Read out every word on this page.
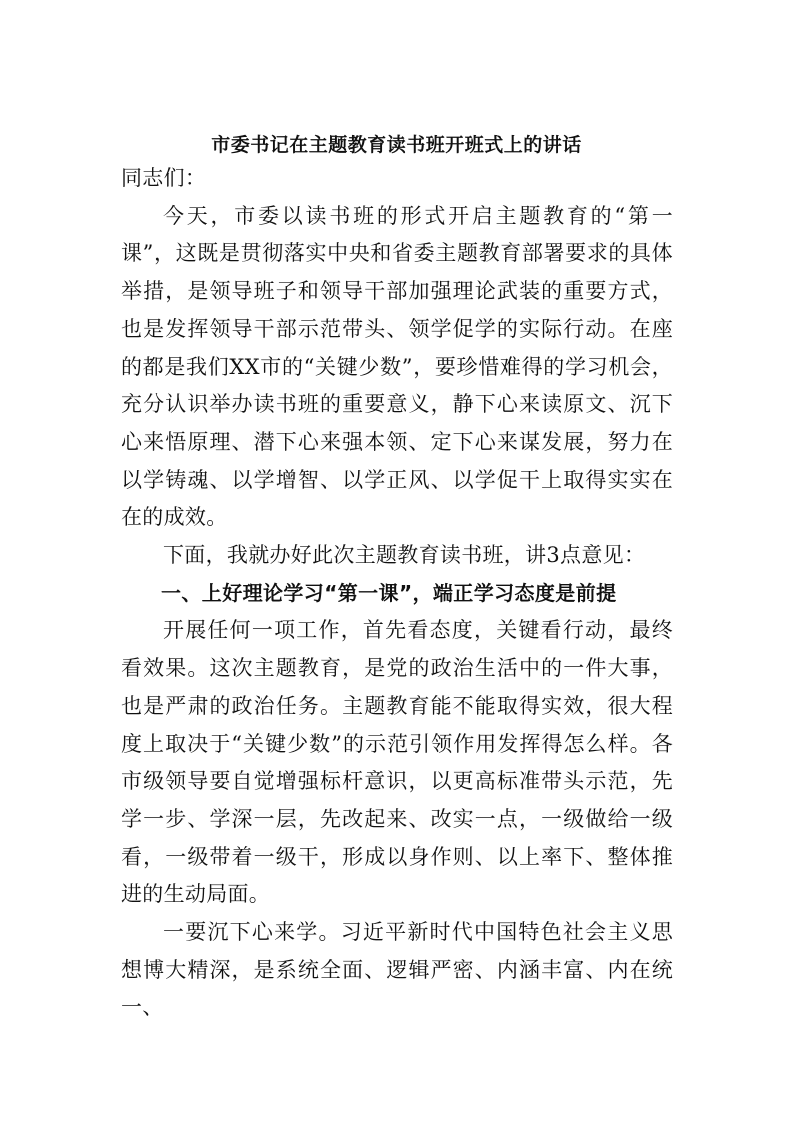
市委书记在主题教育读书班开班式上的讲话

同志们：

今天，市委以读书班的形式开启主题教育的“第一课”，这既是贯彻落实中央和省委主题教育部署要求的具体举措，是领导班子和领导干部加强理论武装的重要方式，也是发挥领导干部示范带头、领学促学的实际行动。在座的都是我们XX市的“关键少数”，要珍惜难得的学习机会，充分认识举办读书班的重要意义，静下心来读原文、沉下心来悟原理、潜下心来强本领、定下心来谋发展，努力在以学铸魂、以学增智、以学正风、以学促干上取得实实在在的成效。

下面，我就办好此次主题教育读书班，讲3点意见：

一、上好理论学习“第一课”，端正学习态度是前提

开展任何一项工作，首先看态度，关键看行动，最终看效果。这次主题教育，是党的政治生活中的一件大事，也是严肃的政治任务。主题教育能不能取得实效，很大程度上取决于“关键少数”的示范引领作用发挥得怎么样。各市级领导要自觉增强标杆意识，以更高标准带头示范，先学一步、学深一层，先改起来、改实一点，一级做给一级看，一级带着一级干，形成以身作则、以上率下、整体推进的生动局面。

一要沉下心来学。习近平新时代中国特色社会主义思想博大精深，是系统全面、逻辑严密、内涵丰富、内在统一、
